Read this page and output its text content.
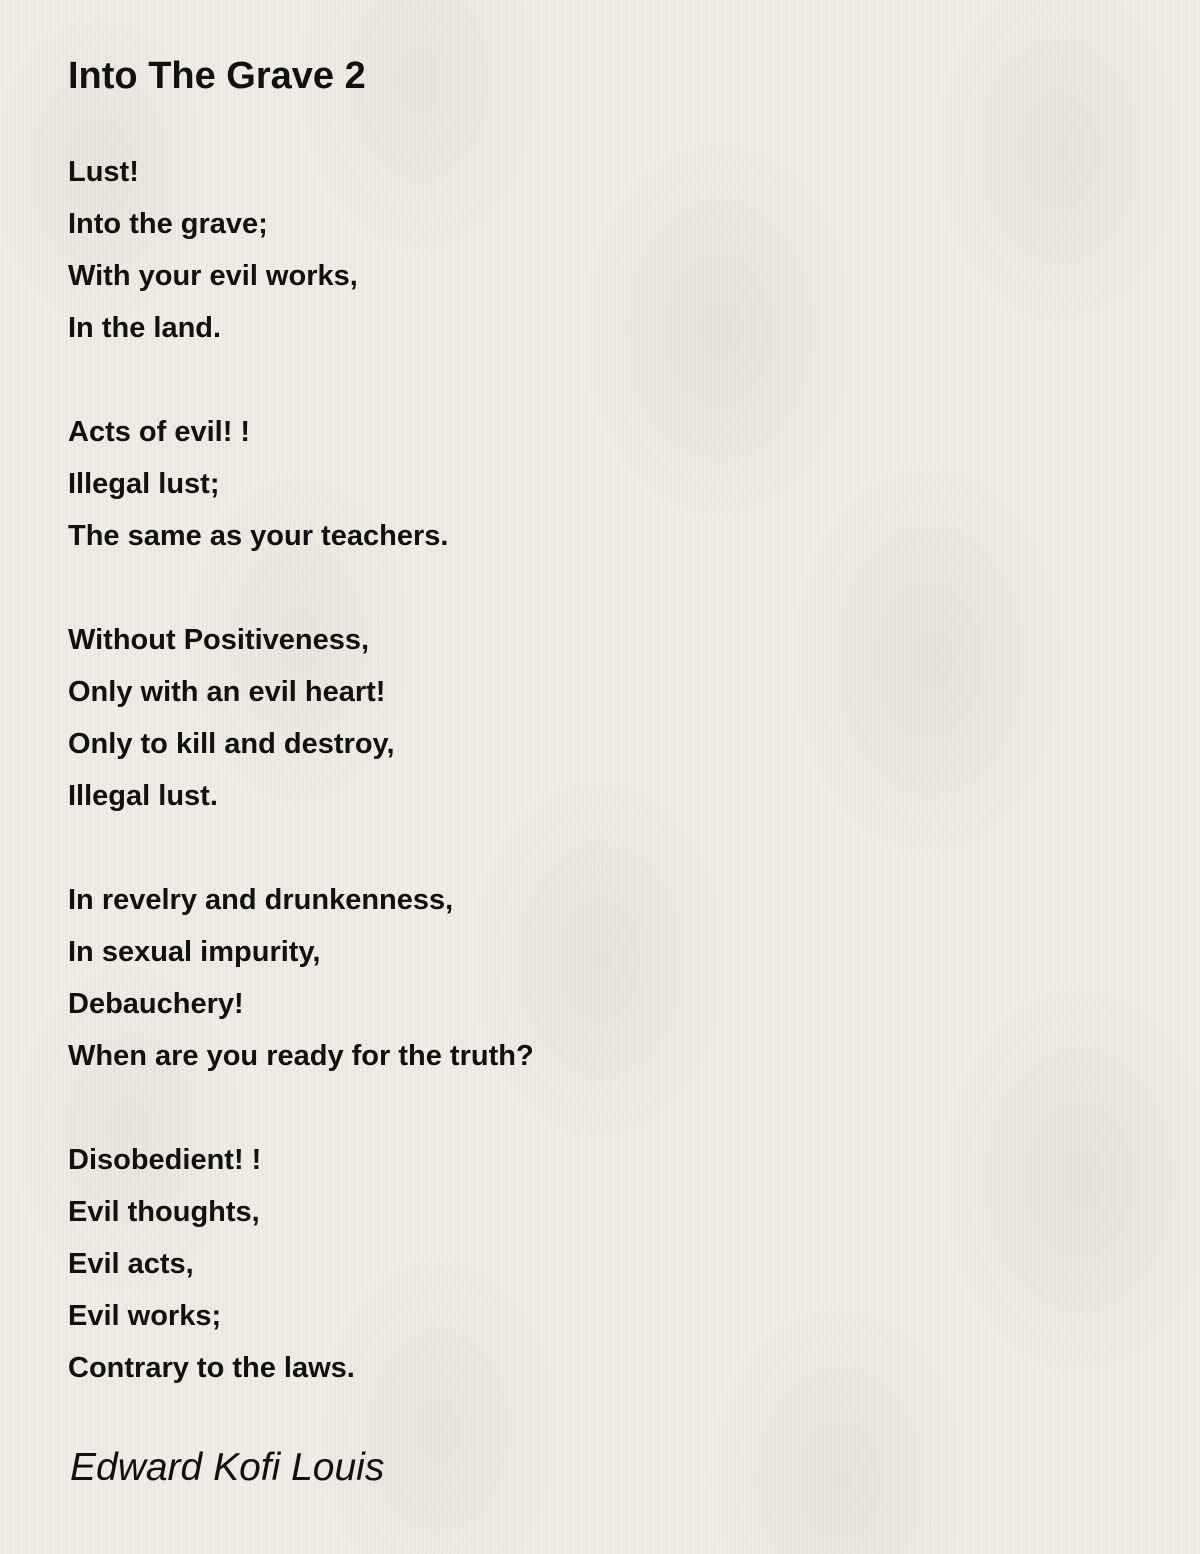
Into The Grave 2
Lust!
Into the grave;
With your evil works,
In the land.
Acts of evil! !
Illegal lust;
The same as your teachers.
Without Positiveness,
Only with an evil heart!
Only to kill and destroy,
Illegal lust.
In revelry and drunkenness,
In sexual impurity,
Debauchery!
When are you ready for the truth?
Disobedient! !
Evil thoughts,
Evil acts,
Evil works;
Contrary to the laws.
Edward Kofi Louis
